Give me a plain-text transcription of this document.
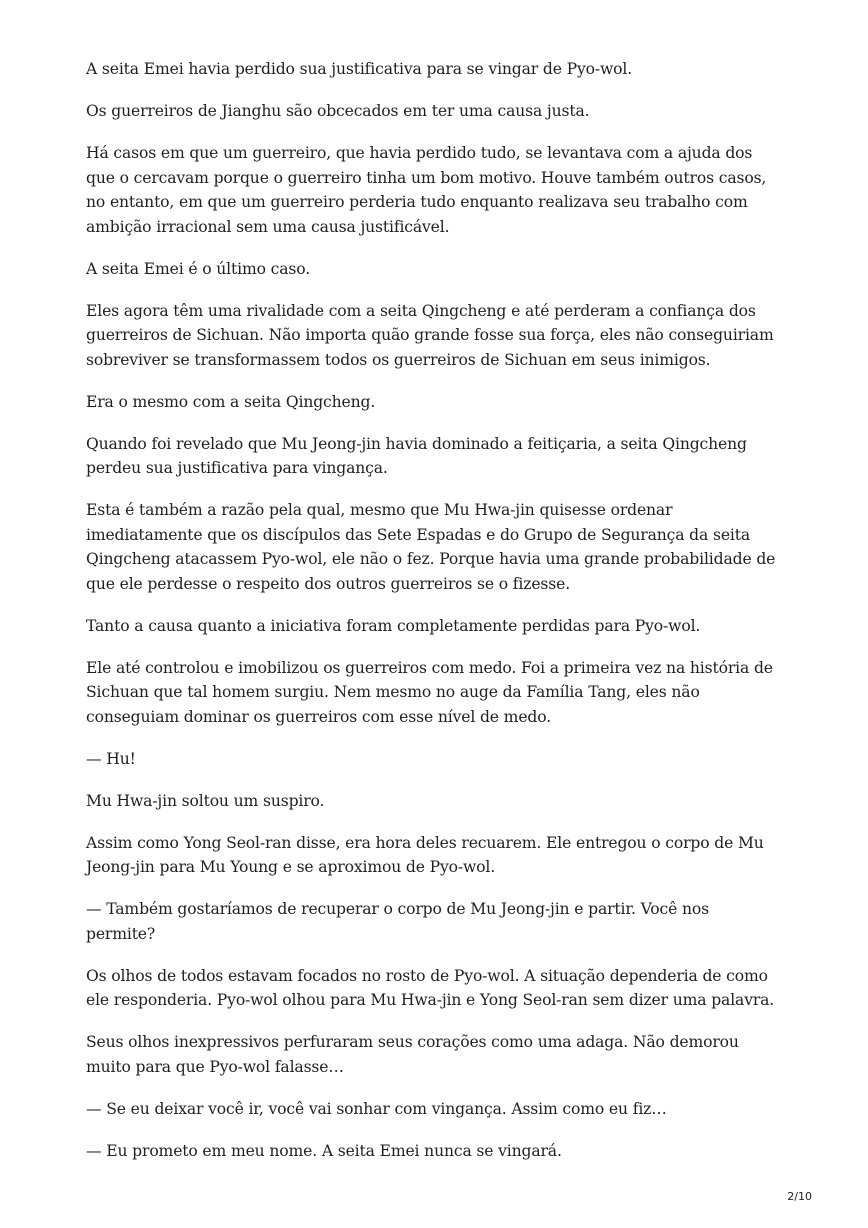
A seita Emei havia perdido sua justificativa para se vingar de Pyo-wol.

Os guerreiros de Jianghu são obcecados em ter uma causa justa.

Há casos em que um guerreiro, que havia perdido tudo, se levantava com a ajuda dos que o cercavam porque o guerreiro tinha um bom motivo. Houve também outros casos, no entanto, em que um guerreiro perderia tudo enquanto realizava seu trabalho com ambição irracional sem uma causa justificável.

A seita Emei é o último caso.

Eles agora têm uma rivalidade com a seita Qingcheng e até perderam a confiança dos guerreiros de Sichuan. Não importa quão grande fosse sua força, eles não conseguiriam sobreviver se transformassem todos os guerreiros de Sichuan em seus inimigos.

Era o mesmo com a seita Qingcheng.

Quando foi revelado que Mu Jeong-jin havia dominado a feitiçaria, a seita Qingcheng perdeu sua justificativa para vingança.

Esta é também a razão pela qual, mesmo que Mu Hwa-jin quisesse ordenar imediatamente que os discípulos das Sete Espadas e do Grupo de Segurança da seita Qingcheng atacassem Pyo-wol, ele não o fez. Porque havia uma grande probabilidade de que ele perdesse o respeito dos outros guerreiros se o fizesse.

Tanto a causa quanto a iniciativa foram completamente perdidas para Pyo-wol.

Ele até controlou e imobilizou os guerreiros com medo. Foi a primeira vez na história de Sichuan que tal homem surgiu. Nem mesmo no auge da Família Tang, eles não conseguiam dominar os guerreiros com esse nível de medo.

— Hu!

Mu Hwa-jin soltou um suspiro.

Assim como Yong Seol-ran disse, era hora deles recuarem. Ele entregou o corpo de Mu Jeong-jin para Mu Young e se aproximou de Pyo-wol.

— Também gostaríamos de recuperar o corpo de Mu Jeong-jin e partir. Você nos permite?

Os olhos de todos estavam focados no rosto de Pyo-wol. A situação dependeria de como ele responderia. Pyo-wol olhou para Mu Hwa-jin e Yong Seol-ran sem dizer uma palavra.

Seus olhos inexpressivos perfuraram seus corações como uma adaga. Não demorou muito para que Pyo-wol falasse…

— Se eu deixar você ir, você vai sonhar com vingança. Assim como eu fiz…

— Eu prometo em meu nome. A seita Emei nunca se vingará.

2/10
